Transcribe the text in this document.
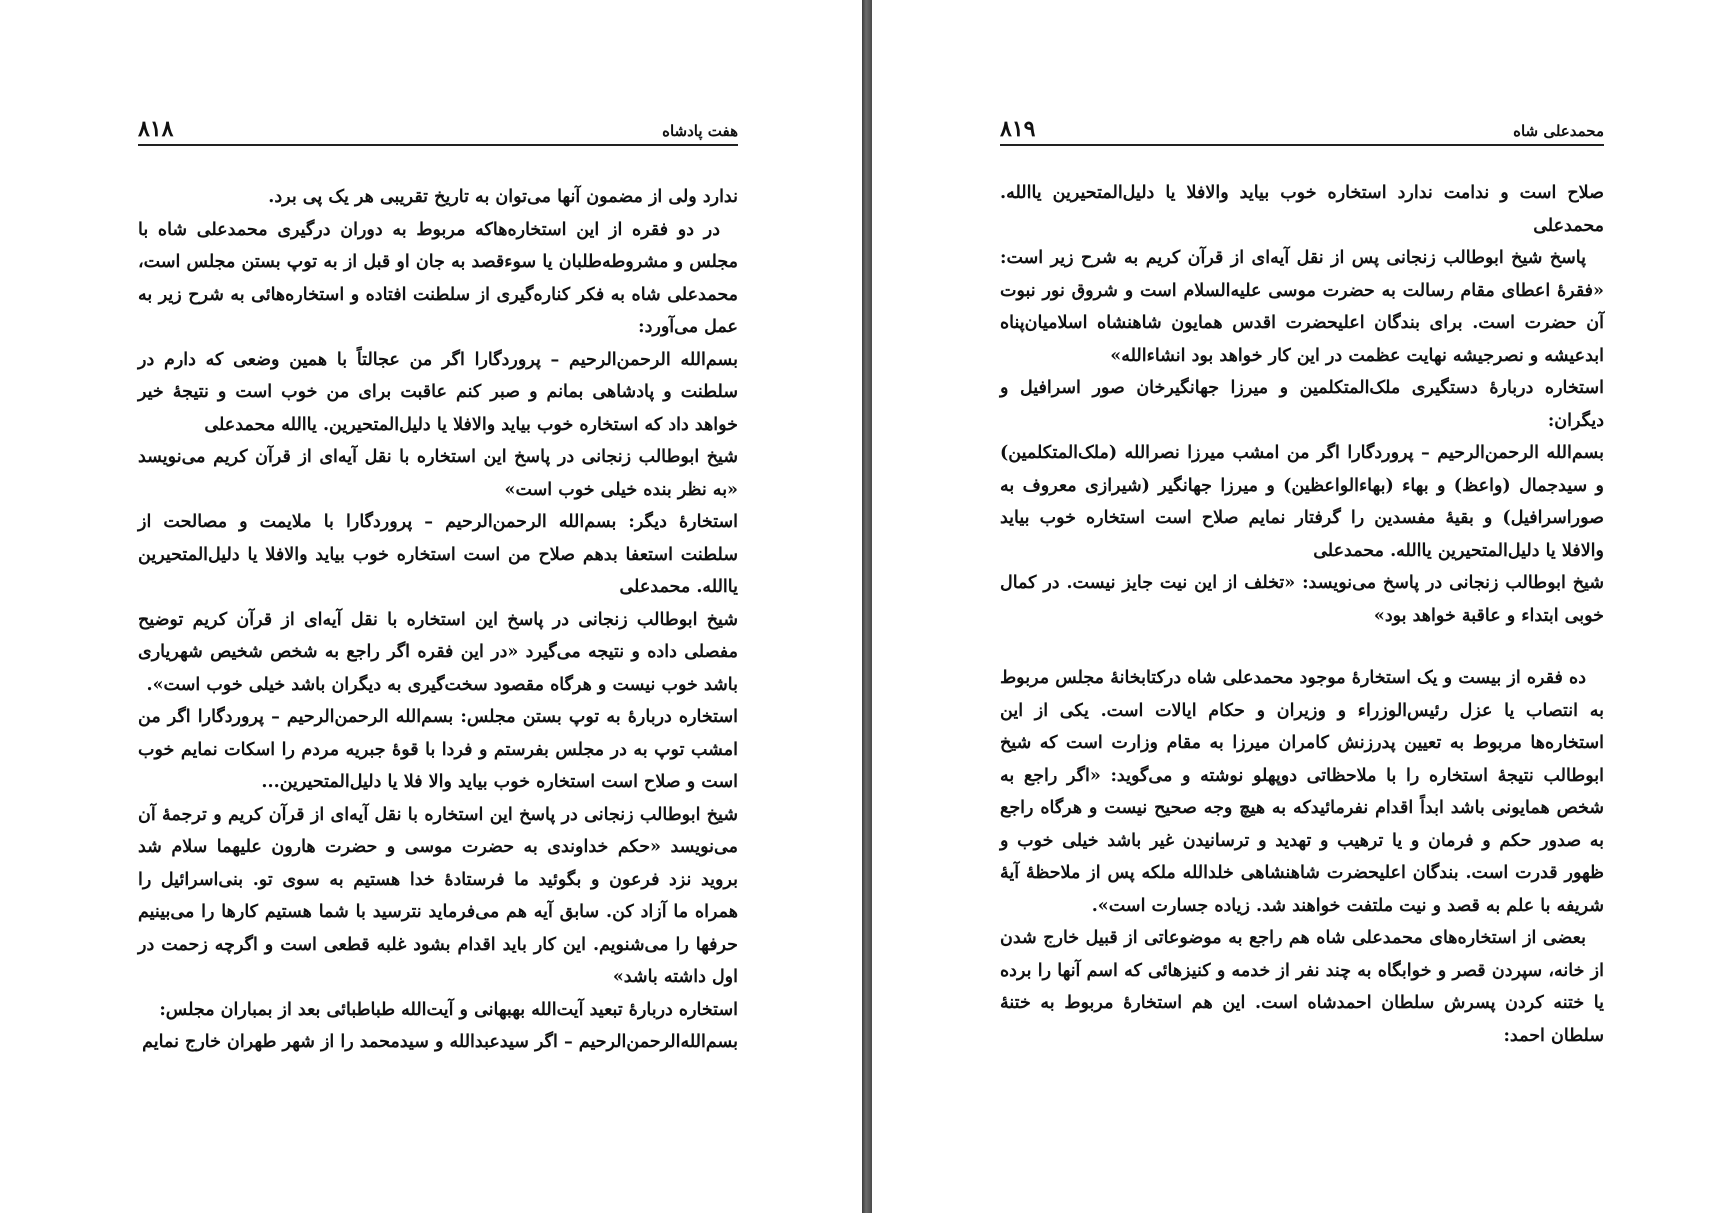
هفت پادشاه
۸۱۸

ندارد ولی از مضمون آنها می‌توان به تاریخ تقریبی هر یک پی برد.

در دو فقره از این استخاره‌هاکه مربوط به دوران درگیری محمدعلی شاه با مجلس و مشروطه‌طلبان یا سوءقصد به جان او قبل از به توپ بستن مجلس است، محمدعلی شاه به فکر کناره‌گیری از سلطنت افتاده و استخاره‌هائی به شرح زیر به عمل می‌آورد:

بسم‌الله الرحمن‌الرحیم – پروردگارا اگر من عجالتاً با همین وضعی که دارم در سلطنت و پادشاهی بمانم و صبر کنم عاقبت برای من خوب است و نتیجهٔ خیر خواهد داد که استخاره خوب بیاید والافلا یا دلیل‌المتحیرین. یاالله محمدعلی

شیخ ابوطالب زنجانی در پاسخ این استخاره با نقل آیه‌ای از قرآن کریم می‌نویسد «به نظر بنده خیلی خوب است»

استخارهٔ دیگر: بسم‌الله الرحمن‌الرحیم – پروردگارا با ملایمت و مصالحت از سلطنت استعفا بدهم صلاح من است استخاره خوب بیاید والافلا یا دلیل‌المتحیرین یاالله. محمدعلی

شیخ ابوطالب زنجانی در پاسخ این استخاره با نقل آیه‌ای از قرآن کریم توضیح مفصلی داده و نتیجه می‌گیرد «در این فقره اگر راجع به شخص شخیص شهریاری باشد خوب نیست و هرگاه مقصود سخت‌گیری به دیگران باشد خیلی خوب است».

استخاره دربارهٔ به توپ بستن مجلس: بسم‌الله الرحمن‌الرحیم – پروردگارا اگر من امشب توپ به در مجلس بفرستم و فردا با قوهٔ جبریه مردم را اسکات نمایم خوب است و صلاح است استخاره خوب بیاید والا فلا یا دلیل‌المتحیرین...

شیخ ابوطالب زنجانی در پاسخ این استخاره با نقل آیه‌ای از قرآن کریم و ترجمهٔ آن می‌نویسد «حکم خداوندی به حضرت موسی و حضرت هارون علیهما سلام شد بروید نزد فرعون و بگوئید ما فرستادهٔ خدا هستیم به سوی تو. بنی‌اسرائیل را همراه ما آزاد کن. سابق آیه هم می‌فرماید نترسید با شما هستیم کارها را می‌بینیم حرفها را می‌شنویم. این کار باید اقدام بشود غلبه قطعی است و اگرچه زحمت در اول داشته باشد»

استخاره دربارهٔ تبعید آیت‌الله بهبهانی و آیت‌الله طباطبائی بعد از بمباران مجلس:

بسم‌الله‌الرحمن‌الرحیم – اگر سیدعبدالله و سیدمحمد را از شهر طهران خارج نمایم

محمدعلی شاه
۸۱۹

صلاح است و ندامت ندارد استخاره خوب بیاید والافلا یا دلیل‌المتحیرین یاالله. محمدعلی

پاسخ شیخ ابوطالب زنجانی پس از نقل آیه‌ای از قرآن کریم به شرح زیر است: «فقرهٔ اعطای مقام رسالت به حضرت موسی علیه‌السلام است و شروق نور نبوت آن حضرت است. برای بندگان اعلیحضرت اقدس همایون شاهنشاه اسلامیان‌پناه ابدعیشه و نصرجیشه نهایت عظمت در این کار خواهد بود انشاءالله»

استخاره دربارهٔ دستگیری ملک‌المتکلمین و میرزا جهانگیرخان صور اسرافیل و دیگران:

بسم‌الله الرحمن‌الرحیم – پروردگارا اگر من امشب میرزا نصرالله (ملک‌المتکلمین) و سیدجمال (واعظ) و بهاء (بهاءالواعظین) و میرزا جهانگیر (شیرازی معروف به صوراسرافیل) و بقیهٔ مفسدین را گرفتار نمایم صلاح است استخاره خوب بیاید والافلا یا دلیل‌المتحیرین یاالله. محمدعلی

شیخ ابوطالب زنجانی در پاسخ می‌نویسد: «تخلف از این نیت جایز نیست. در کمال خوبی ابتداء و عاقبة خواهد بود»

ده فقره از بیست و یک استخارهٔ موجود محمدعلی شاه درکتابخانهٔ مجلس مربوط به انتصاب یا عزل رئیس‌الوزراء و وزیران و حکام ایالات است. یکی از این استخاره‌ها مربوط به تعیین پدرزنش کامران میرزا به مقام وزارت است که شیخ ابوطالب نتیجهٔ استخاره را با ملاحظاتی دوپهلو نوشته و می‌گوید: «اگر راجع به شخص همایونی باشد ابداً اقدام نفرمائیدکه به هیچ وجه صحیح نیست و هرگاه راجع به صدور حکم و فرمان و یا ترهیب و تهدید و ترسانیدن غیر باشد خیلی خوب و ظهور قدرت است. بندگان اعلیحضرت شاهنشاهی خلدالله ملکه پس از ملاحظهٔ آیهٔ شریفه با علم به قصد و نیت ملتفت خواهند شد. زیاده جسارت است».

بعضی از استخاره‌های محمدعلی شاه هم راجع به موضوعاتی از قبیل خارج شدن از خانه، سپردن قصر و خوابگاه به چند نفر از خدمه و کنیزهائی که اسم آنها را برده یا ختنه کردن پسرش سلطان احمدشاه است. این هم استخارهٔ مربوط به ختنهٔ سلطان احمد:
